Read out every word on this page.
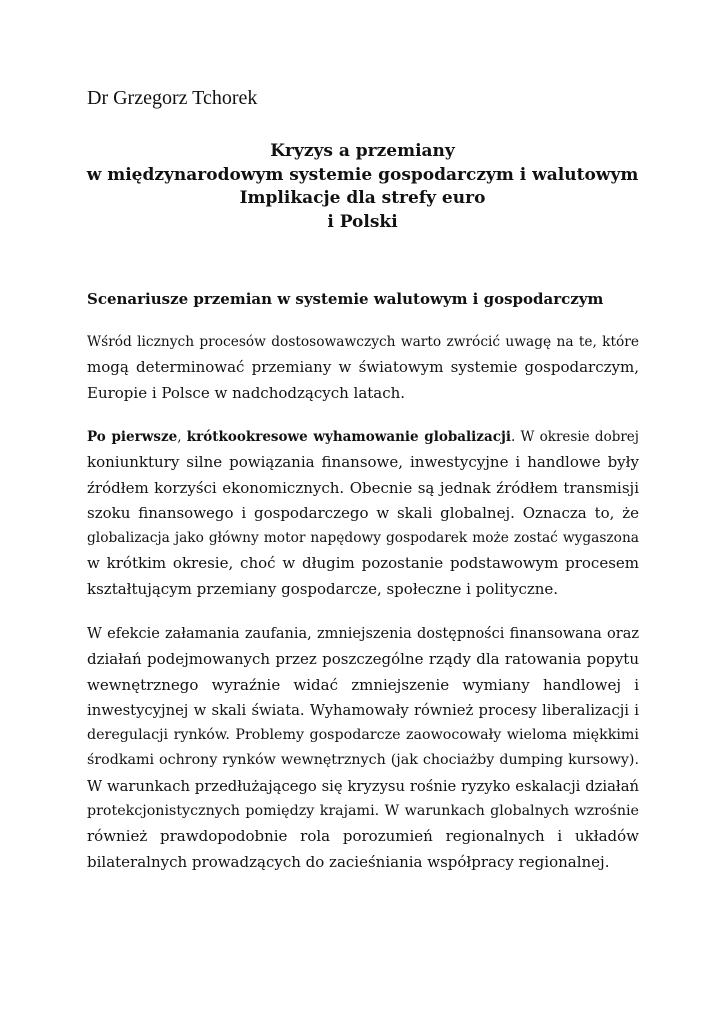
Dr Grzegorz Tchorek
Kryzys a przemiany
w międzynarodowym systemie gospodarczym i walutowym
Implikacje dla strefy euro
i Polski
Scenariusze przemian w systemie walutowym i gospodarczym
Wśród licznych procesów dostosowawczych warto zwrócić uwagę na te, które
mogą determinować przemiany w światowym systemie gospodarczym,
Europie i Polsce w nadchodzących latach.
Po pierwsze, krótkookresowe wyhamowanie globalizacji. W okresie dobrej
koniunktury silne powiązania finansowe, inwestycyjne i handlowe były
źródłem korzyści ekonomicznych. Obecnie są jednak źródłem transmisji
szoku finansowego i gospodarczego w skali globalnej. Oznacza to, że
globalizacja jako główny motor napędowy gospodarek może zostać wygaszona
w krótkim okresie, choć w długim pozostanie podstawowym procesem
kształtującym przemiany gospodarcze, społeczne i polityczne.
W efekcie załamania zaufania, zmniejszenia dostępności finansowana oraz
działań podejmowanych przez poszczególne rządy dla ratowania popytu
wewnętrznego wyraźnie widać zmniejszenie wymiany handlowej i
inwestycyjnej w skali świata. Wyhamowały również procesy liberalizacji i
deregulacji rynków. Problemy gospodarcze zaowocowały wieloma miękkimi
środkami ochrony rynków wewnętrznych (jak chociażby dumping kursowy).
W warunkach przedłużającego się kryzysu rośnie ryzyko eskalacji działań
protekcjonistycznych pomiędzy krajami. W warunkach globalnych wzrośnie
również prawdopodobnie rola porozumień regionalnych i układów
bilateralnych prowadzących do zacieśniania współpracy regionalnej.
